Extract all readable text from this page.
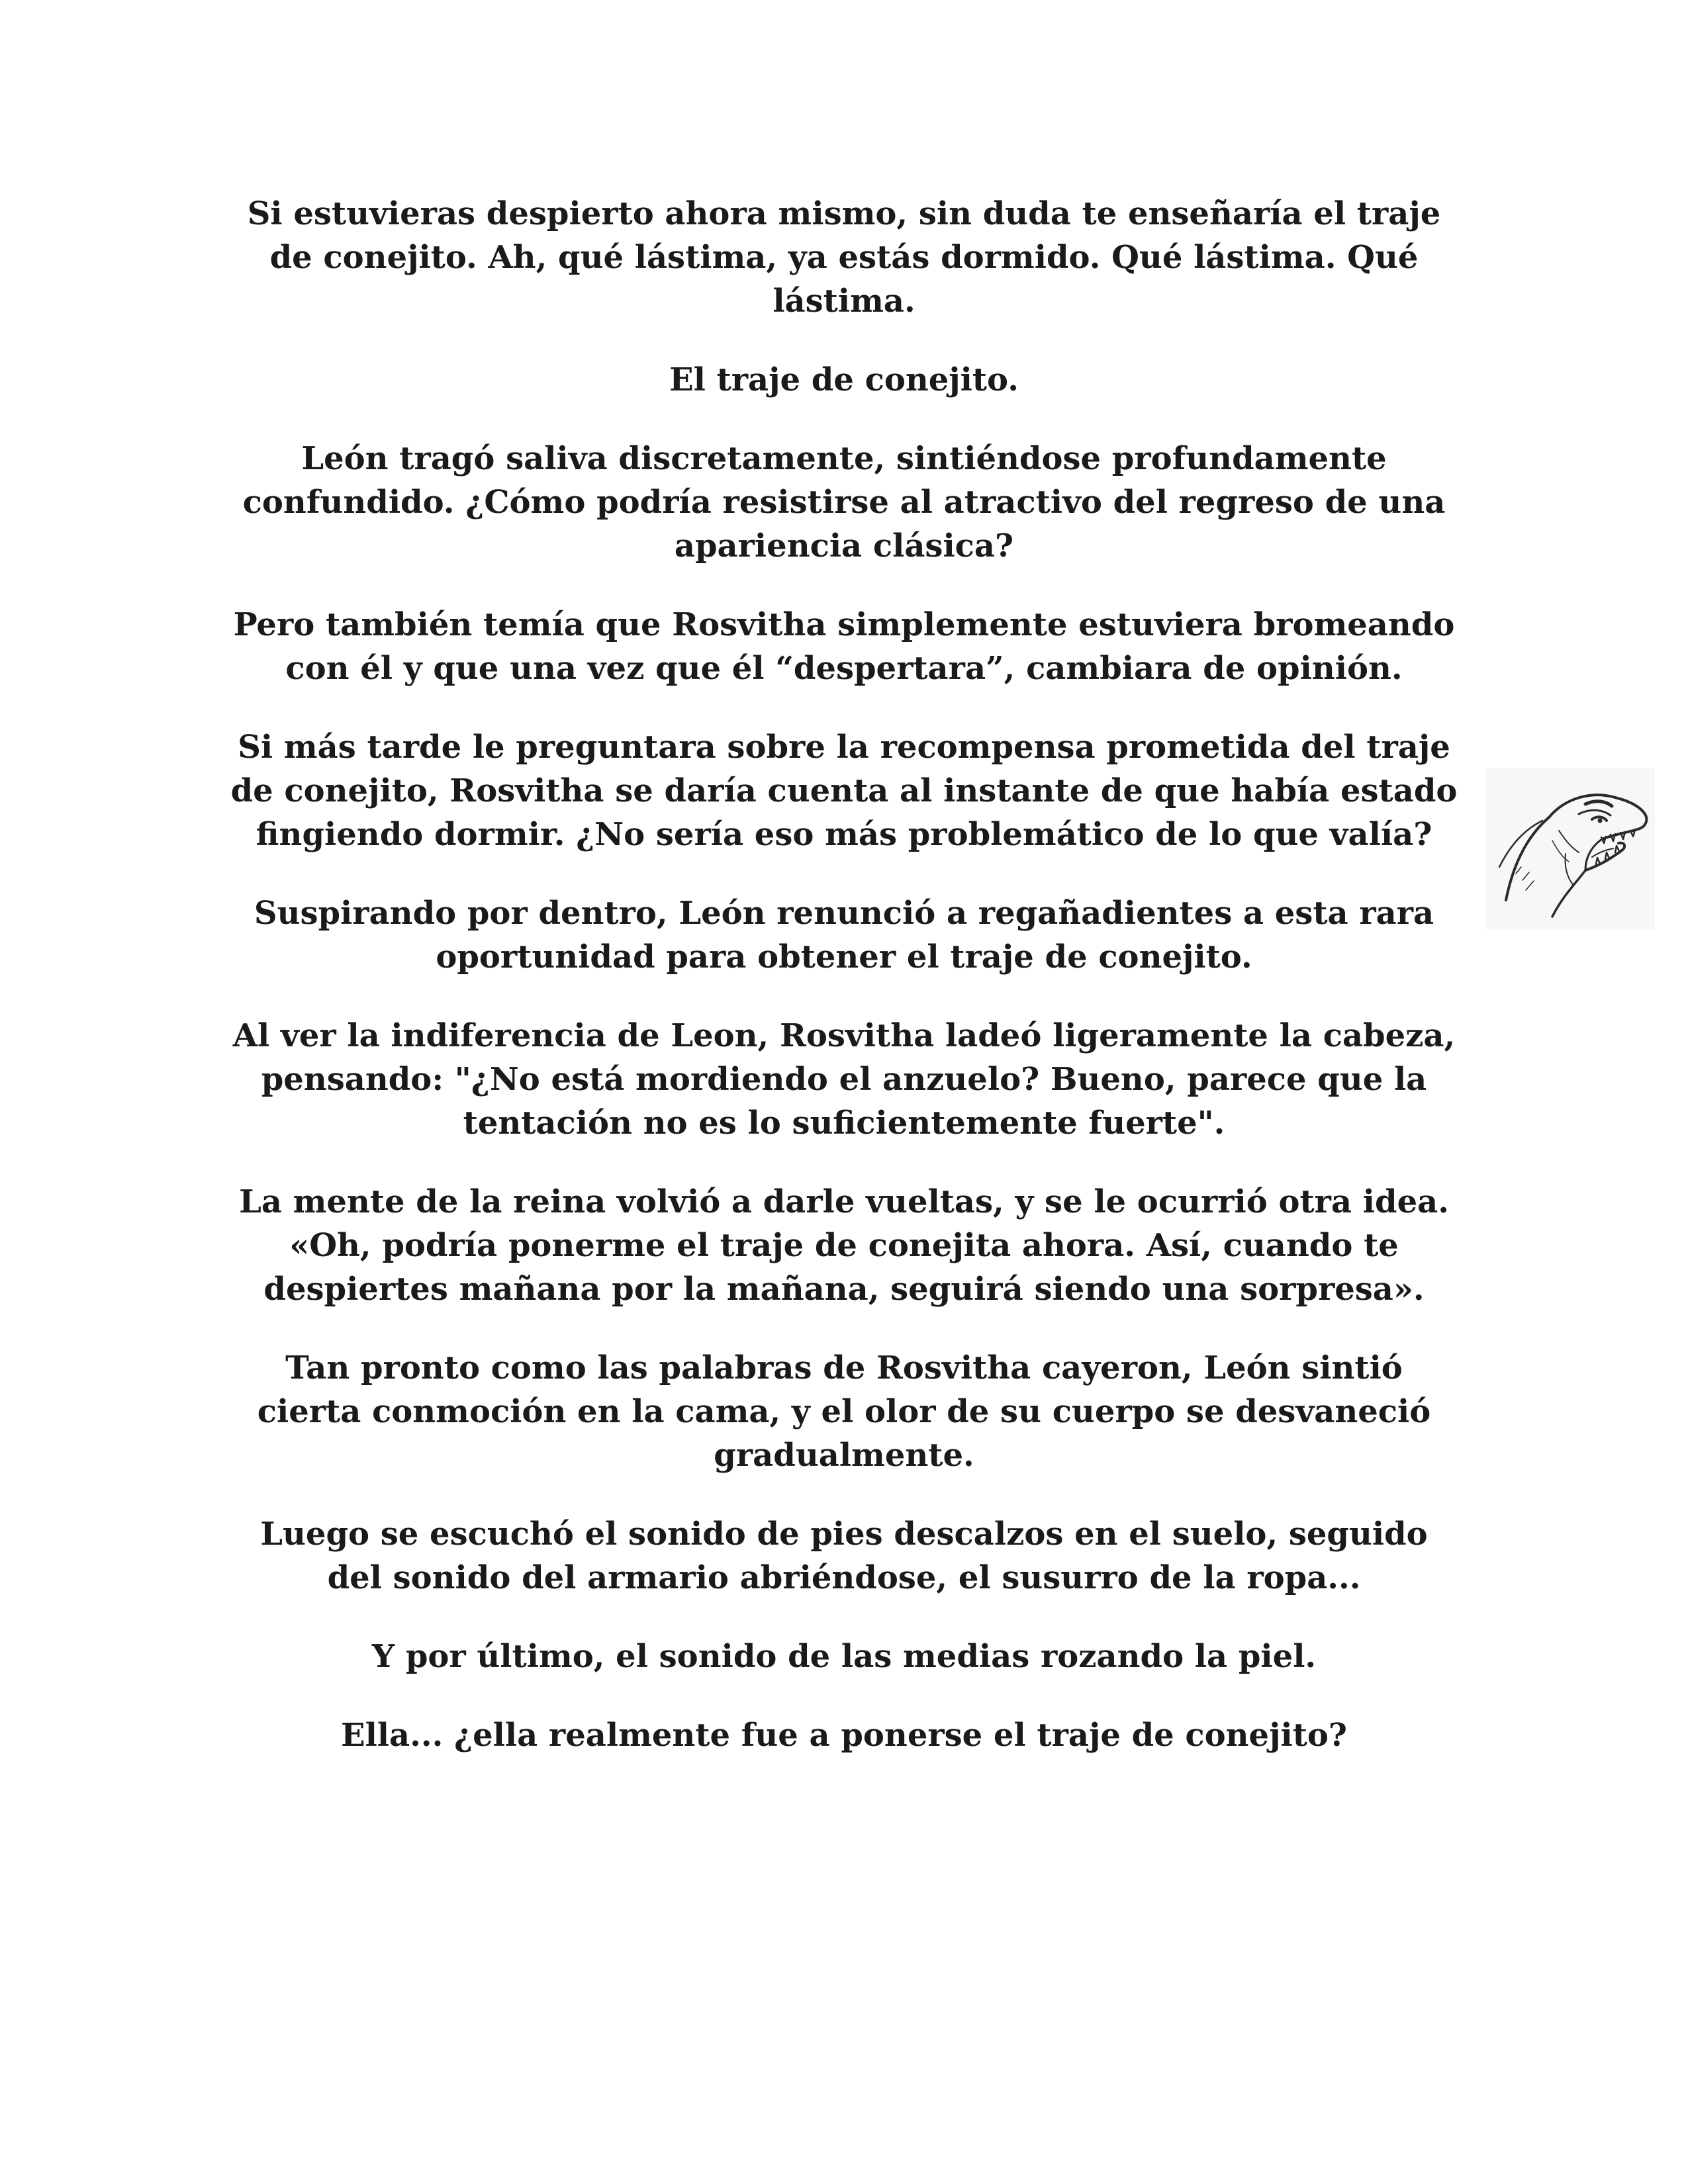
Si estuvieras despierto ahora mismo, sin duda te enseñaría el traje de conejito. Ah, qué lástima, ya estás dormido. Qué lástima. Qué lástima.

El traje de conejito.

León tragó saliva discretamente, sintiéndose profundamente confundido. ¿Cómo podría resistirse al atractivo del regreso de una apariencia clásica?

Pero también temía que Rosvitha simplemente estuviera bromeando con él y que una vez que él “despertara”, cambiara de opinión.

Si más tarde le preguntara sobre la recompensa prometida del traje de conejito, Rosvitha se daría cuenta al instante de que había estado fingiendo dormir. ¿No sería eso más problemático de lo que valía?

Suspirando por dentro, León renunció a regañadientes a esta rara oportunidad para obtener el traje de conejito.

Al ver la indiferencia de Leon, Rosvitha ladeó ligeramente la cabeza, pensando: "¿No está mordiendo el anzuelo? Bueno, parece que la tentación no es lo suficientemente fuerte".

La mente de la reina volvió a darle vueltas, y se le ocurrió otra idea. «Oh, podría ponerme el traje de conejita ahora. Así, cuando te despiertes mañana por la mañana, seguirá siendo una sorpresa».

Tan pronto como las palabras de Rosvitha cayeron, León sintió cierta conmoción en la cama, y el olor de su cuerpo se desvaneció gradualmente.

Luego se escuchó el sonido de pies descalzos en el suelo, seguido del sonido del armario abriéndose, el susurro de la ropa...

Y por último, el sonido de las medias rozando la piel.

Ella... ¿ella realmente fue a ponerse el traje de conejito?
